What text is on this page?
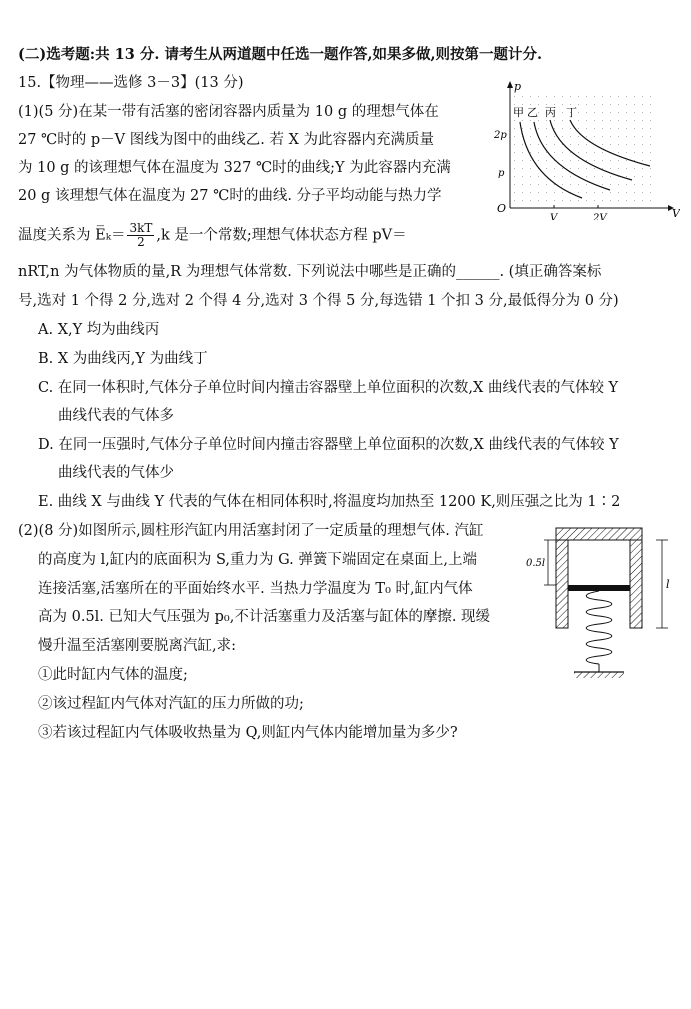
(二)选考题:共 13 分. 请考生从两道题中任选一题作答,如果多做,则按第一题计分.
15.【物理——选修 3－3】(13 分)
(1)(5 分)在某一带有活塞的密闭容器内质量为 10 g 的理想气体在
27 ℃时的 p－V 图线为图中的曲线乙. 若 X 为此容器内充满质量
为 10 g 的该理想气体在温度为 327 ℃时的曲线;Y 为此容器内充满
20 g 该理想气体在温度为 27 ℃时的曲线. 分子平均动能与热力学
温度关系为 E̅ₖ＝ $\frac{3kT}{2} ,k$ 是一个常数;理想气体状态方程 pV＝
nRT,n 为气体物质的量,R 为理想气体常数. 下列说法中哪些是正确的______. (填正确答案标
号,选对 1 个得 2 分,选对 2 个得 4 分,选对 3 个得 5 分,每选错 1 个扣 3 分,最低得分为 0 分)
A. X,Y 均为曲线丙
B. X 为曲线丙,Y 为曲线丁
C. 在同一体积时,气体分子单位时间内撞击容器壁上单位面积的次数,X 曲线代表的气体较 Y
曲线代表的气体多
D. 在同一压强时,气体分子单位时间内撞击容器壁上单位面积的次数,X 曲线代表的气体较 Y
曲线代表的气体少
E. 曲线 X 与曲线 Y 代表的气体在相同体积时,将温度均加热至 1200 K,则压强之比为 1∶2
(2)(8 分)如图所示,圆柱形汽缸内用活塞封闭了一定质量的理想气体. 汽缸
的高度为 l,缸内的底面积为 S,重力为 G. 弹簧下端固定在桌面上,上端
连接活塞,活塞所在的平面始终水平. 当热力学温度为 T₀ 时,缸内气体
高为 0.5l. 已知大气压强为 p₀,不计活塞重力及活塞与缸体的摩擦. 现缓
慢升温至活塞刚要脱离汽缸,求:
①此时缸内气体的温度;
②该过程缸内气体对汽缸的压力所做的功;
③若该过程缸内气体吸收热量为 Q,则缸内气体内能增加量为多少?
p
V
O
2p
p
V	2V
甲 乙 丙 丁
0.5l
l
